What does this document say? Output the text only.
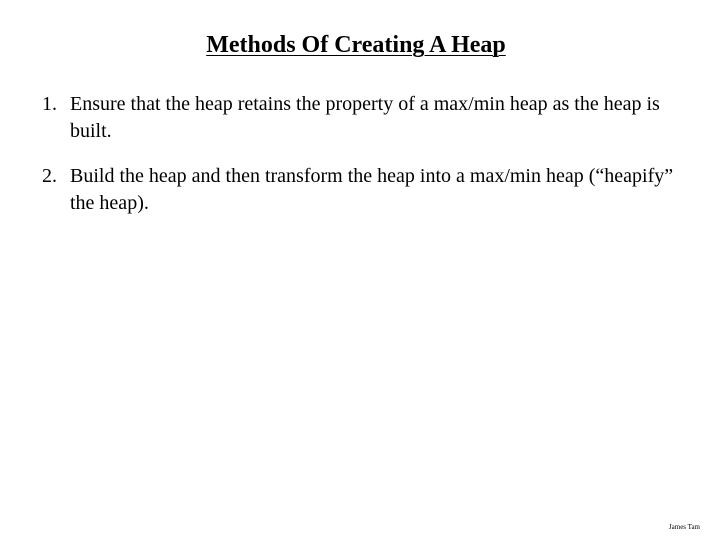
Methods Of Creating A Heap
1. Ensure that the heap retains the property of a max/min heap as the heap is built.
2. Build the heap and then transform the heap into a max/min heap (“heapify” the heap).
James Tam
